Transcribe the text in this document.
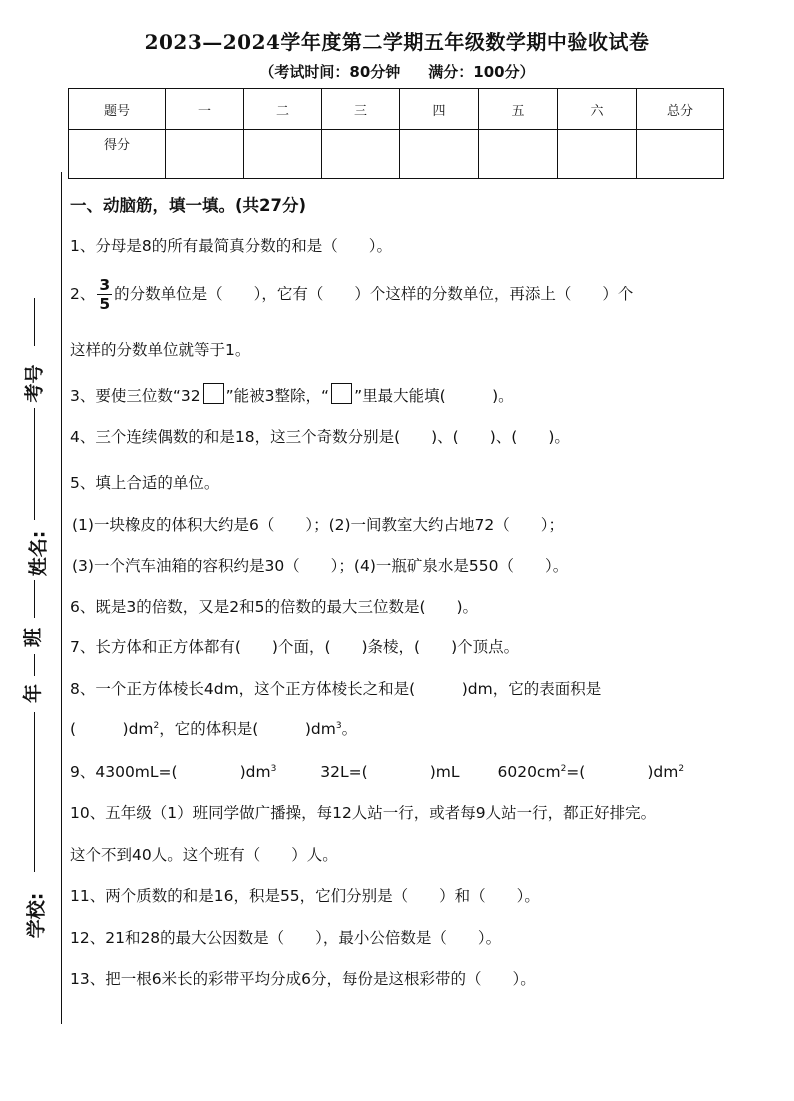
2023—2024学年度第二学期五年级数学期中验收试卷
（考试时间：80分钟 满分：100分）
题号	一	二	三	四	五	六	总分
得分							
考号
姓名:
班
年
学校:
一、动脑筋，填一填。(共27分)
1、分母是8的所有最简真分数的和是（　　）。
2、 $\frac{3}{5}$ 的分数单位是（　　），它有（　　）个这样的分数单位，再添上（　　）个
这样的分数单位就等于1。
3、要使三位数“32 ”能被3整除，“ ”里最大能填(　　　)。
4、三个连续偶数的和是18，这三个奇数分别是(　　)、(　　)、(　　)。
5、填上合适的单位。
(1)一块橡皮的体积大约是6（　　）；(2)一间教室大约占地72（　　）；
(3)一个汽车油箱的容积约是30（　　）；(4)一瓶矿泉水是550（　　）。
6、既是3的倍数，又是2和5的倍数的最大三位数是(　　)。
7、长方体和正方体都有(　　)个面，(　　)条棱，(　　)个顶点。
8、一个正方体棱长4dm，这个正方体棱长之和是(　　　)dm，它的表面积是
(　　　)$dm^2$，它的体积是(　　　)$dm^3$。
9、4300mL=(　　　　)$dm^3$	32L=(　　　　)mL $6020cm^2=$(　　　　)$dm^2$
10、五年级（1）班同学做广播操，每12人站一行，或者每9人站一行，都正好排完。
这个不到40人。这个班有（　　）人。
11、两个质数的和是16，积是55，它们分别是（　　）和（　　）。
12、21和28的最大公因数是（　　），最小公倍数是（　　）。
13、把一根6米长的彩带平均分成6分，每份是这根彩带的（　　）。
